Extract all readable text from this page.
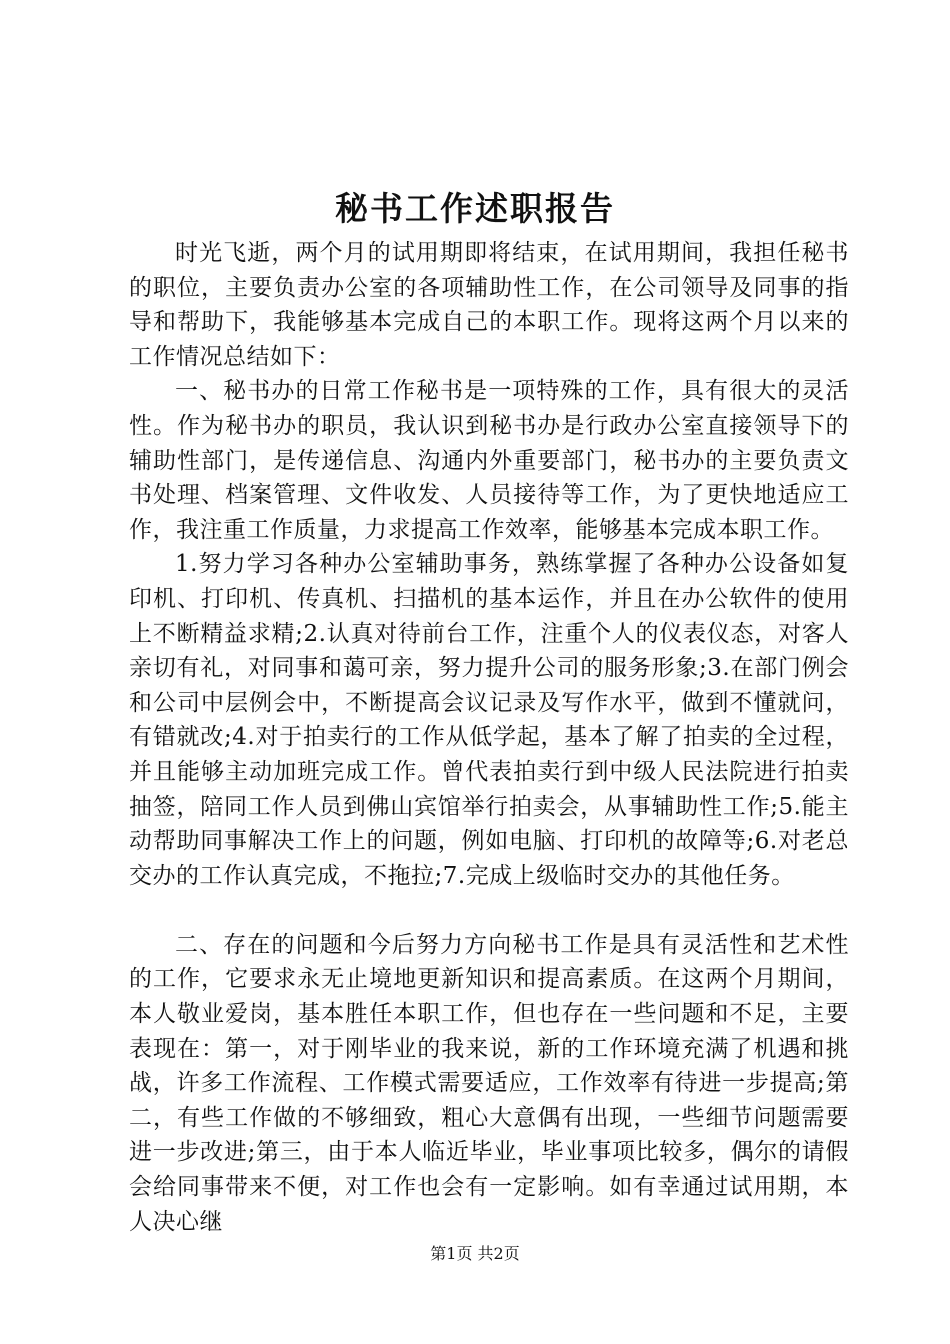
秘书工作述职报告

时光飞逝，两个月的试用期即将结束，在试用期间，我担任秘书的职位，主要负责办公室的各项辅助性工作，在公司领导及同事的指导和帮助下，我能够基本完成自己的本职工作。现将这两个月以来的工作情况总结如下：

一、秘书办的日常工作秘书是一项特殊的工作，具有很大的灵活性。作为秘书办的职员，我认识到秘书办是行政办公室直接领导下的辅助性部门，是传递信息、沟通内外重要部门，秘书办的主要负责文书处理、档案管理、文件收发、人员接待等工作，为了更快地适应工作，我注重工作质量，力求提高工作效率，能够基本完成本职工作。

1.努力学习各种办公室辅助事务，熟练掌握了各种办公设备如复印机、打印机、传真机、扫描机的基本运作，并且在办公软件的使用上不断精益求精;2.认真对待前台工作，注重个人的仪表仪态，对客人亲切有礼，对同事和蔼可亲，努力提升公司的服务形象;3.在部门例会和公司中层例会中，不断提高会议记录及写作水平，做到不懂就问，有错就改;4.对于拍卖行的工作从低学起，基本了解了拍卖的全过程，并且能够主动加班完成工作。曾代表拍卖行到中级人民法院进行拍卖抽签，陪同工作人员到佛山宾馆举行拍卖会，从事辅助性工作;5.能主动帮助同事解决工作上的问题，例如电脑、打印机的故障等;6.对老总交办的工作认真完成，不拖拉;7.完成上级临时交办的其他任务。

二、存在的问题和今后努力方向秘书工作是具有灵活性和艺术性的工作，它要求永无止境地更新知识和提高素质。在这两个月期间，本人敬业爱岗，基本胜任本职工作，但也存在一些问题和不足，主要表现在：第一，对于刚毕业的我来说，新的工作环境充满了机遇和挑战，许多工作流程、工作模式需要适应，工作效率有待进一步提高;第二，有些工作做的不够细致，粗心大意偶有出现，一些细节问题需要进一步改进;第三，由于本人临近毕业，毕业事项比较多，偶尔的请假会给同事带来不便，对工作也会有一定影响。如有幸通过试用期，本人决心继

第1页 共2页
